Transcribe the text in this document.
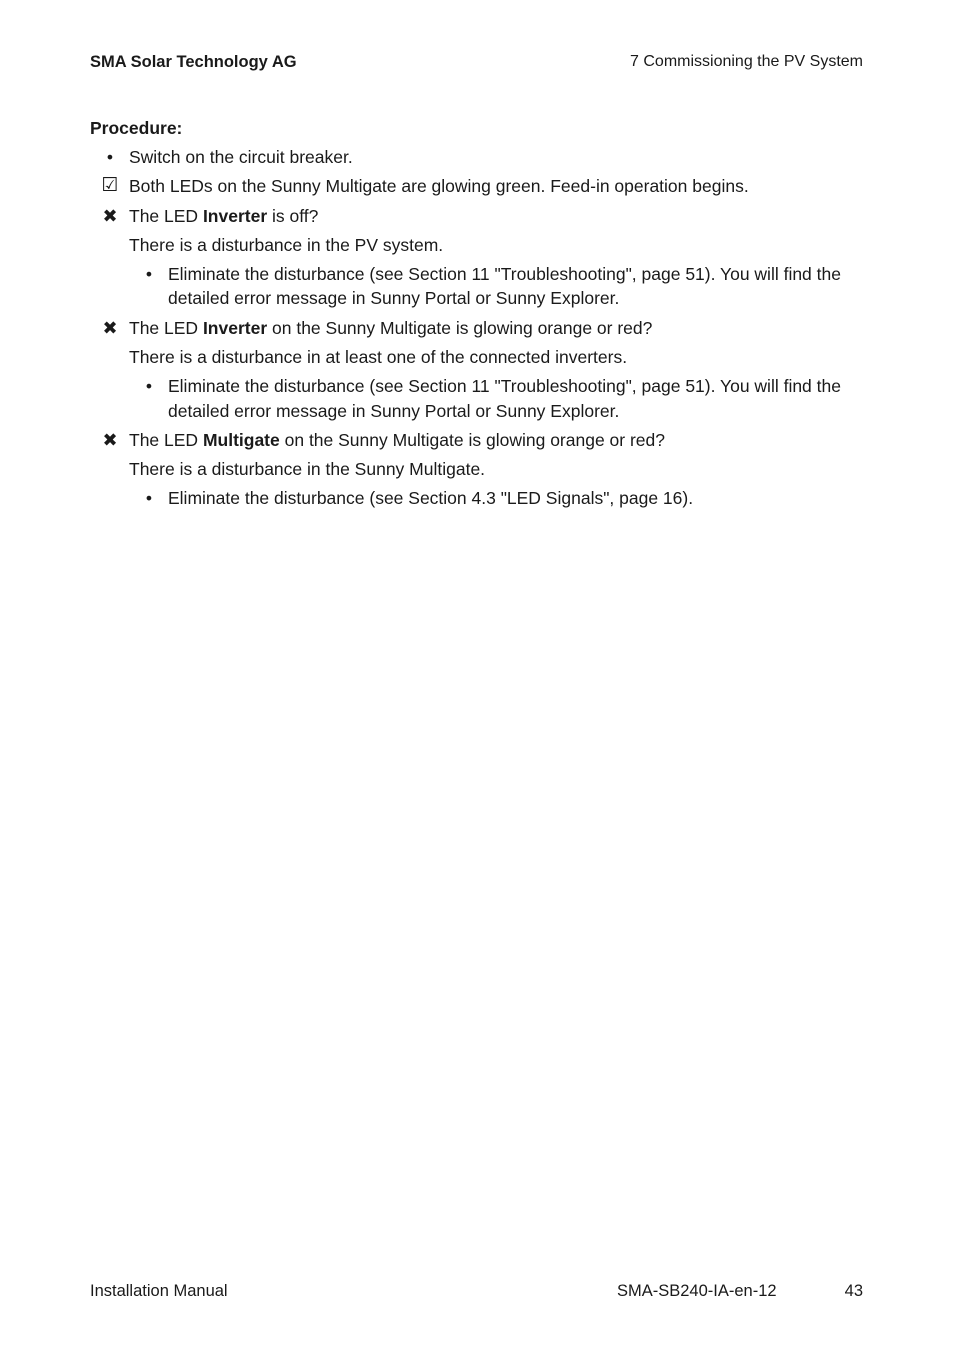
SMA Solar Technology AG	7 Commissioning the PV System
Procedure:
• Switch on the circuit breaker.
☑ Both LEDs on the Sunny Multigate are glowing green. Feed-in operation begins.
✖ The LED Inverter is off?
There is a disturbance in the PV system.
• Eliminate the disturbance (see Section 11 "Troubleshooting", page 51). You will find the
detailed error message in Sunny Portal or Sunny Explorer.
✖ The LED Inverter on the Sunny Multigate is glowing orange or red?
There is a disturbance in at least one of the connected inverters.
• Eliminate the disturbance (see Section 11 "Troubleshooting", page 51). You will find the
detailed error message in Sunny Portal or Sunny Explorer.
✖ The LED Multigate on the Sunny Multigate is glowing orange or red?
There is a disturbance in the Sunny Multigate.
• Eliminate the disturbance (see Section 4.3 "LED Signals", page 16).
Installation Manual	SMA-SB240-IA-en-12	43
